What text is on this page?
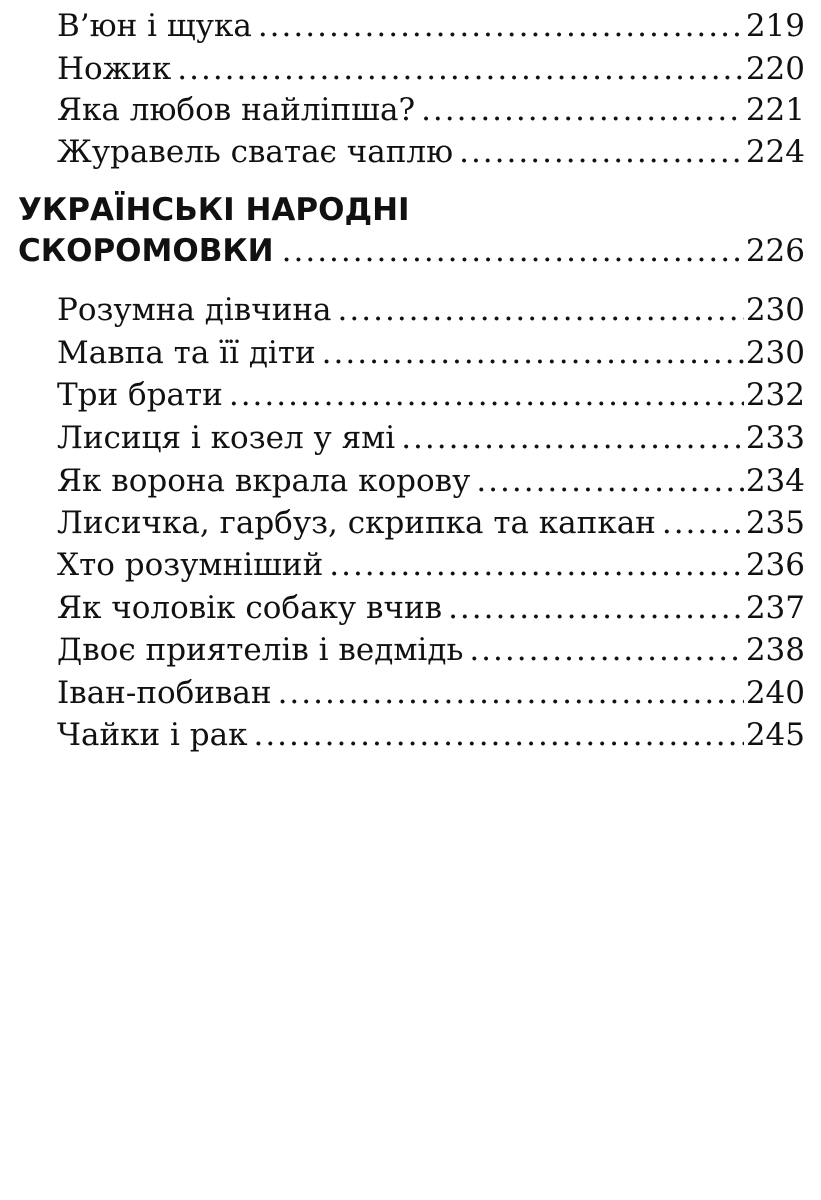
В’юн і щука .....	219
Ножик .....	220
Яка любов найліпша? .....	221
Журавель сватає чаплю .....	224
УКРАЇНСЬКІ НАРОДНІ
СКОРОМОВКИ .....	226
Розумна дівчина .....	230
Мавпа та її діти .....	230
Три брати .....	232
Лисиця і козел у ямі .....	233
Як ворона вкрала корову .....	234
Лисичка, гарбуз, скрипка та капкан .....	235
Хто розумніший .....	236
Як чоловік собаку вчив .....	237
Двоє приятелів і ведмідь .....	238
Іван-побиван .....	240
Чайки і рак .....	245
